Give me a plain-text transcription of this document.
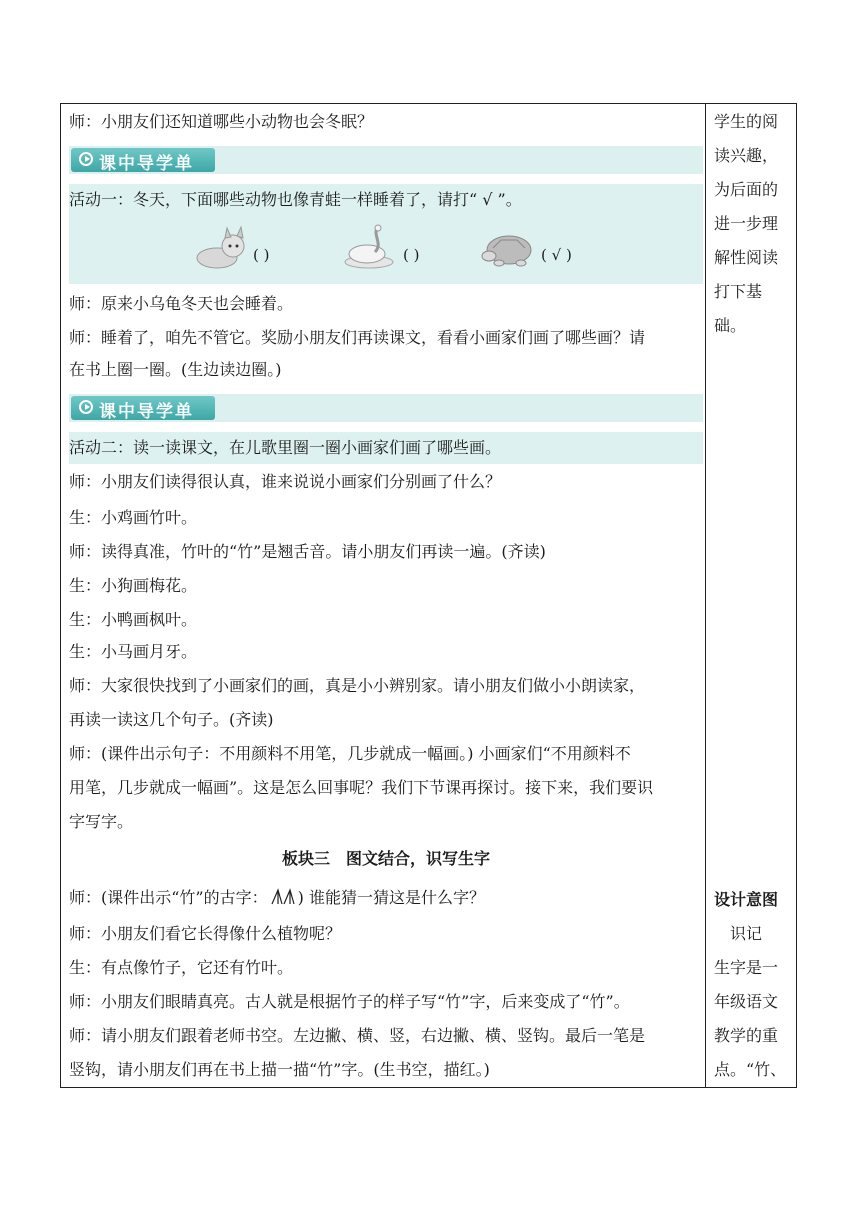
师：小朋友们还知道哪些小动物也会冬眠？
课中导学单
活动一：冬天，下面哪些动物也像青蛙一样睡着了，请打“ √ ”。
( )	( )	( √ )
师：原来小乌龟冬天也会睡着。
师：睡着了，咱先不管它。奖励小朋友们再读课文，看看小画家们画了哪些画？请
在书上圈一圈。(生边读边圈。)
课中导学单
活动二：读一读课文，在儿歌里圈一圈小画家们画了哪些画。
师：小朋友们读得很认真，谁来说说小画家们分别画了什么？
生：小鸡画竹叶。
师：读得真准，竹叶的“竹”是翘舌音。请小朋友们再读一遍。(齐读)
生：小狗画梅花。
生：小鸭画枫叶。
生：小马画月牙。
师：大家很快找到了小画家们的画，真是小小辨别家。请小朋友们做小小朗读家，
再读一读这几个句子。(齐读)
师：(课件出示句子：不用颜料不用笔，几步就成一幅画。) 小画家们“不用颜料不
用笔，几步就成一幅画”。这是怎么回事呢？我们下节课再探讨。接下来，我们要识
字写字。
板块三　图文结合，识写生字
师：(课件出示“竹”的古字： ) 谁能猜一猜这是什么字？
师：小朋友们看它长得像什么植物呢？
生：有点像竹子，它还有竹叶。
师：小朋友们眼睛真亮。古人就是根据竹子的样子写“竹”字，后来变成了“竹”。
师：请小朋友们跟着老师书空。左边撇、横、竖，右边撇、横、竖钩。最后一笔是
竖钩，请小朋友们再在书上描一描“竹”字。(生书空，描红。)
学生的阅
读兴趣，
为后面的
进一步理
解性阅读
打下基
础。
设计意图
　识记
生字是一
年级语文
教学的重
点。“竹、
